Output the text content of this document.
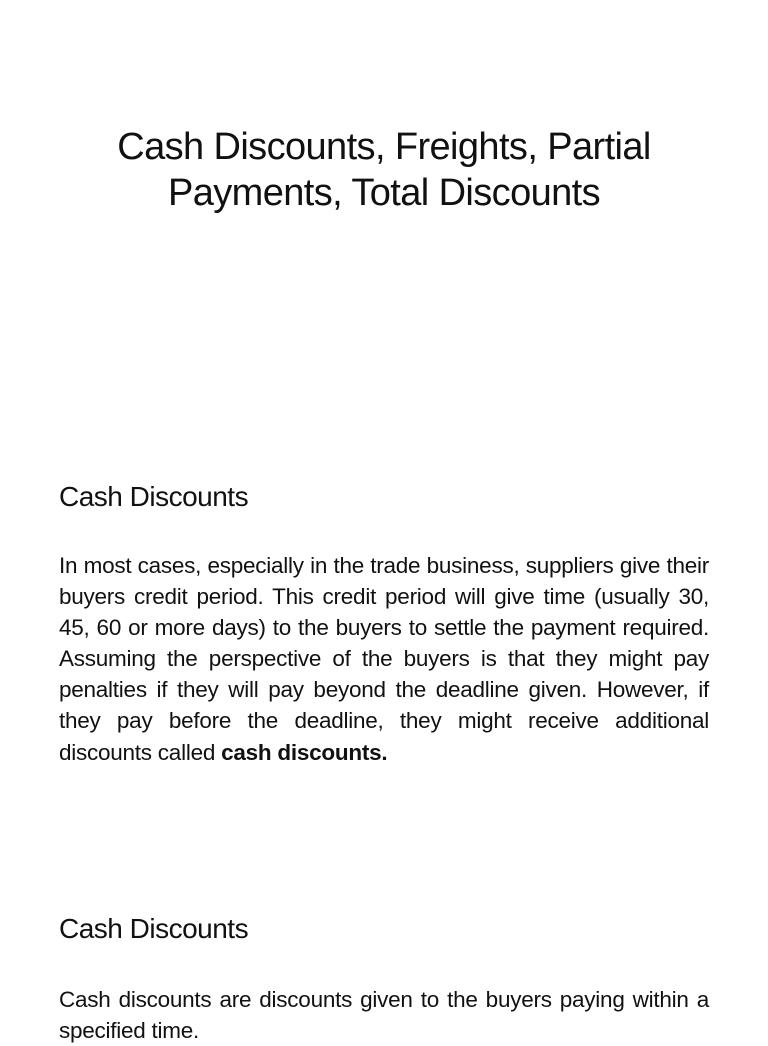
Cash Discounts, Freights, Partial Payments, Total Discounts
Cash Discounts

In most cases, especially in the trade business, suppliers give their buyers credit period. This credit period will give time (usually 30, 45, 60 or more days) to the buyers to settle the payment required. Assuming the perspective of the buyers is that they might pay penalties if they will pay beyond the deadline given. However, if they pay before the deadline, they might receive additional discounts called cash discounts.

Cash Discounts

Cash discounts are discounts given to the buyers paying within a specified time.
